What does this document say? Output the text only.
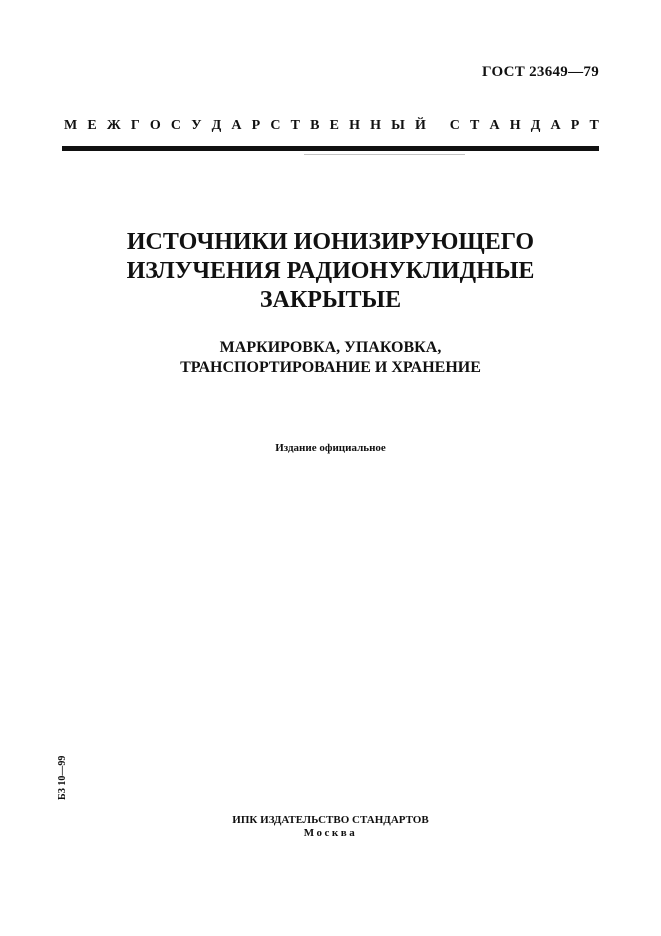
ГОСТ 23649—79
М Е Ж Г О С У Д А Р С Т В Е Н Н Ы Й
С Т А Н Д А Р Т
ИСТОЧНИКИ ИОНИЗИРУЮЩЕГО
ИЗЛУЧЕНИЯ РАДИОНУКЛИДНЫЕ
ЗАКРЫТЫЕ
МАРКИРОВКА, УПАКОВКА,
ТРАНСПОРТИРОВАНИЕ И ХРАНЕНИЕ
Издание официальное
БЗ 10—99
ИПК ИЗДАТЕЛЬСТВО СТАНДАРТОВ
Москва
